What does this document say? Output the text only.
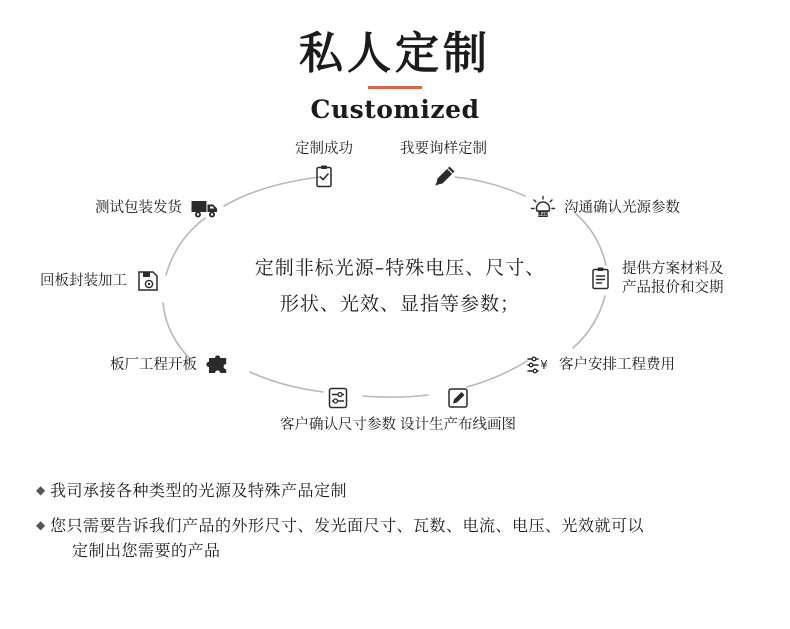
私人定制
Customized
定制非标光源–特殊电压、尺寸、
形状、光效、显指等参数；
定制成功	我要询样定制
测试包装发货	LED 沟通确认光源参数
回板封装加工
提供方案材料及
产品报价和交期
板厂工程开板	¥ 客户安排工程费用
客户确认尺寸参数 设计生产布线画图
◆ 我司承接各种类型的光源及特殊产品定制
◆ 您只需要告诉我们产品的外形尺寸、发光面尺寸、瓦数、电流、电压、光效就可以
定制出您需要的产品
